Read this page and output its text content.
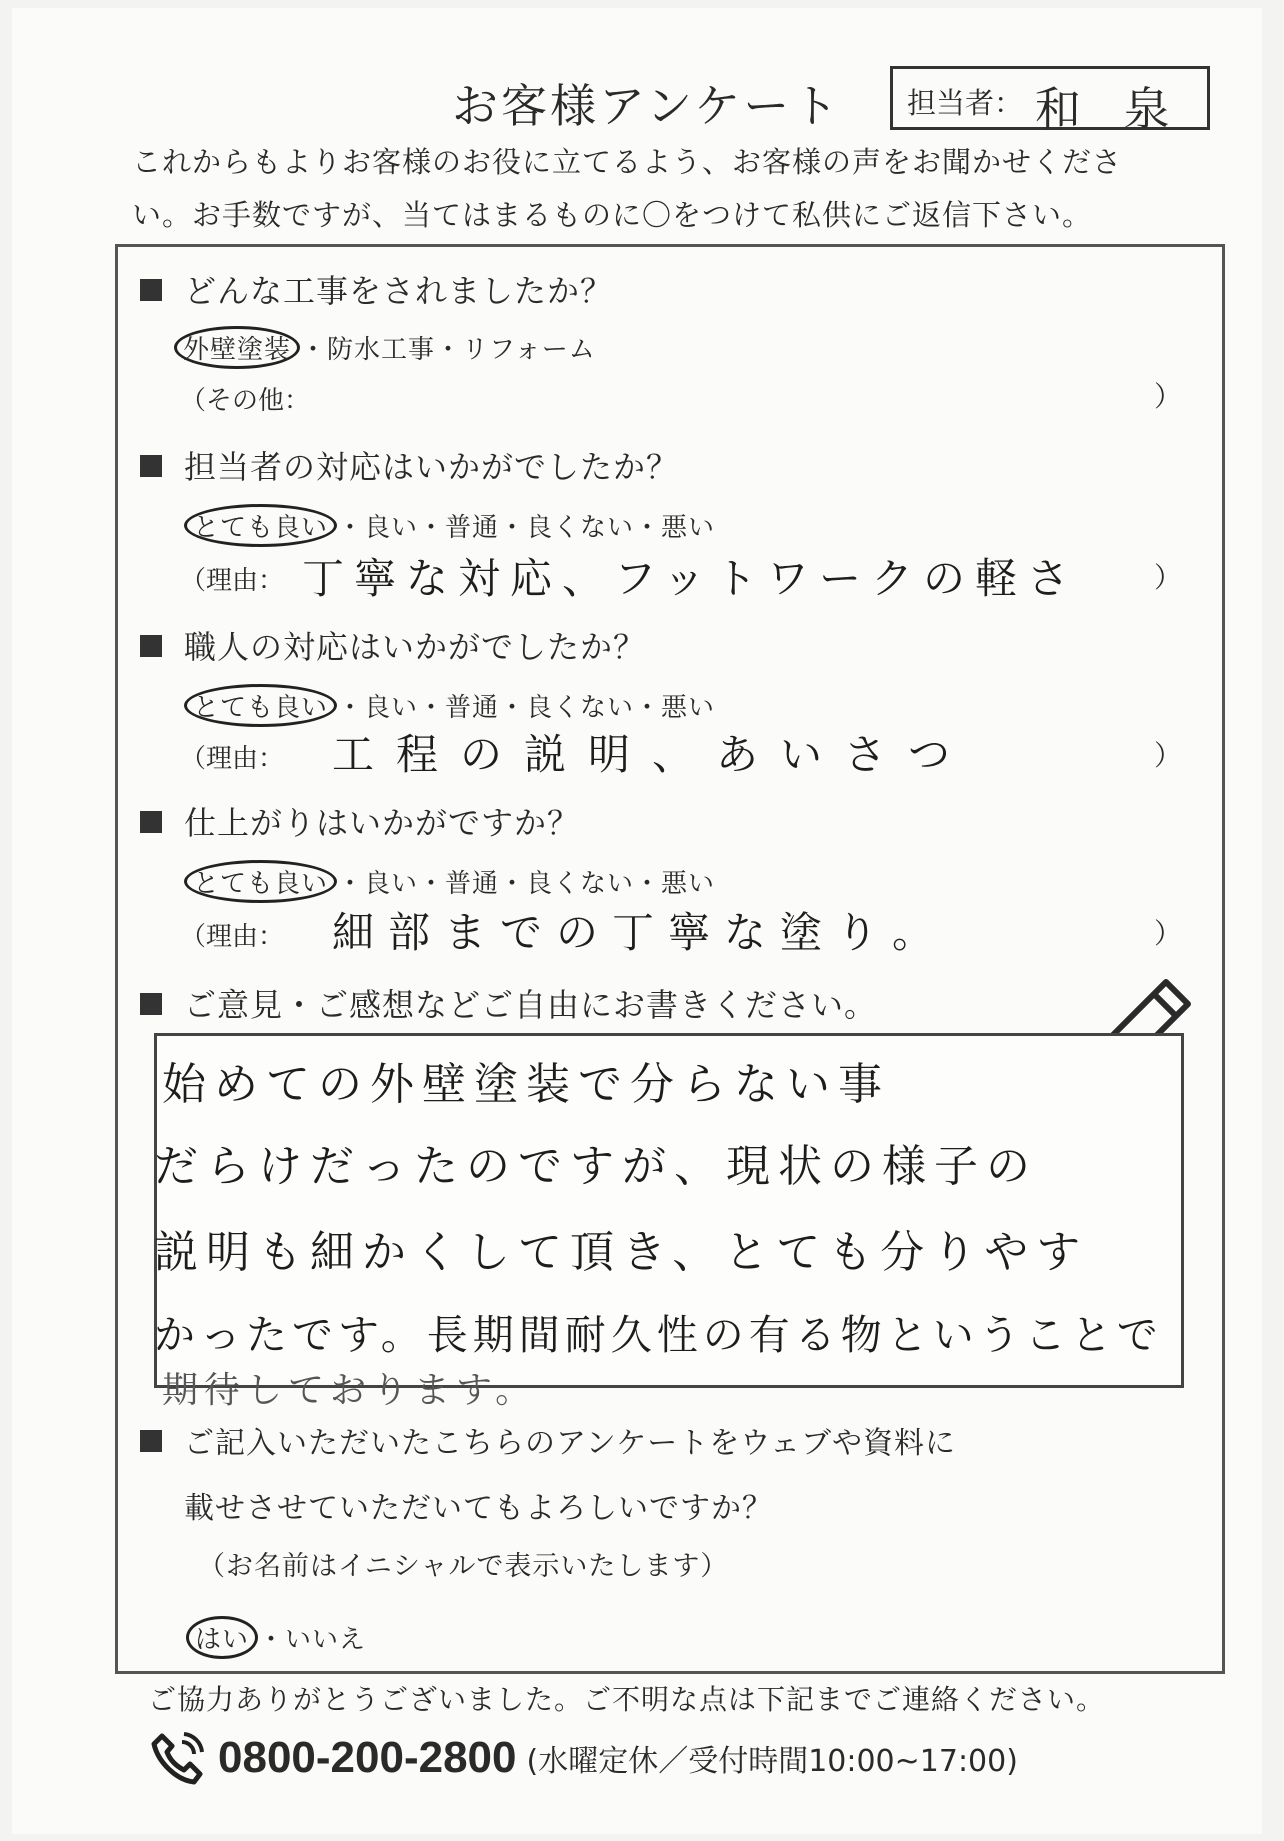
お客様アンケート 担当者： 和 泉
これからもよりお客様のお役に立てるよう、お客様の声をお聞かせくださ
い。お手数ですが、当てはまるものに〇をつけて私供にご返信下さい。
どんな工事をされましたか？
外壁塗装 ・防水工事・リフォーム
（その他：	）
担当者の対応はいかがでしたか？
とても良い ・良い・普通・良くない・悪い
（理由： 丁寧な対応、フットワークの軽さ	）
職人の対応はいかがでしたか？
とても良い ・良い・普通・良くない・悪い
（理由： 工程の説明、あいさつ	）
仕上がりはいかがですか？
とても良い ・良い・普通・良くない・悪い
（理由： 細部までの丁寧な塗り。	）
ご意見・ご感想などご自由にお書きください。
始めての外壁塗装で分らない事
だらけだったのですが、現状の様子の
説明も細かくして頂き、とても分りやす
かったです。長期間耐久性の有る物ということで
期待しております。
ご記入いただいたこちらのアンケートをウェブや資料に
載せさせていただいてもよろしいですか？
（お名前はイニシャルで表示いたします）
はい ・いいえ
ご協力ありがとうございました。ご不明な点は下記までご連絡ください。
0800-200-2800 (水曜定休／受付時間10:00~17:00)
